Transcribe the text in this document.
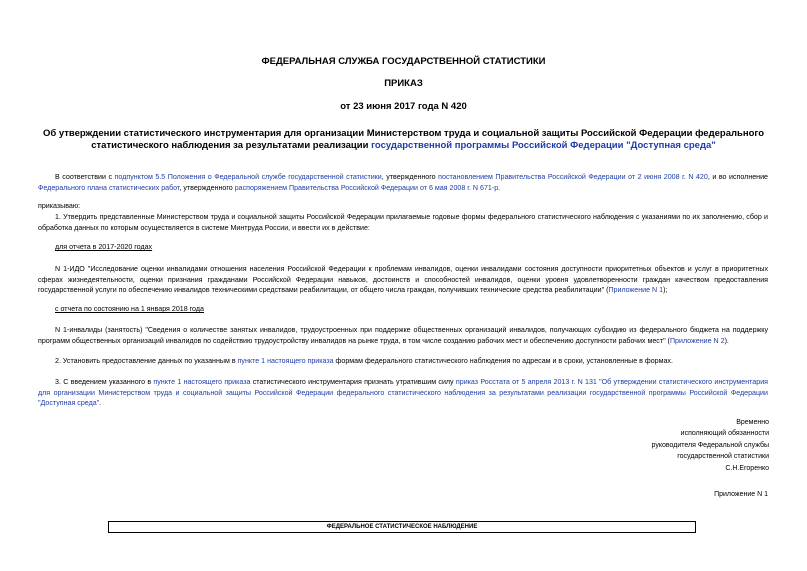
ФЕДЕРАЛЬНАЯ СЛУЖБА ГОСУДАРСТВЕННОЙ СТАТИСТИКИ
ПРИКАЗ
от 23 июня 2017 года N 420
Об утверждении статистического инструментария для организации Министерством труда и социальной защиты Российской Федерации федерального
статистического наблюдения за результатами реализации государственной программы Российской Федерации "Доступная среда"
В соответствии с подпунктом 5.5 Положения о Федеральной службе государственной статистики, утвержденного постановлением Правительства Российской Федерации от 2 июня 2008 г. N 420, и во исполнение Федерального плана статистических работ, утвержденного распоряжением Правительства Российской Федерации от 6 мая 2008 г. N 671-р.
приказываю:
1. Утвердить представленные Министерством труда и социальной защиты Российской Федерации прилагаемые годовые формы федерального статистического наблюдения с указаниями по их заполнению, сбор и обработка данных по которым осуществляется в системе Минтруда России, и ввести их в действие:
для отчета в 2017-2020 годах
N 1-ИДО "Исследование оценки инвалидами отношения населения Российской Федерации к проблемам инвалидов, оценки инвалидами состояния доступности приоритетных объектов и услуг в приоритетных сферах жизнедеятельности, оценки признания гражданами Российской Федерации навыков, достоинств и способностей инвалидов, оценки уровня удовлетворенности граждан качеством предоставления государственной услуги по обеспечению инвалидов техническими средствами реабилитации, от общего числа граждан, получивших технические средства реабилитации" (Приложение N 1);
с отчета по состоянию на 1 января 2018 года
N 1-инвалиды (занятость) "Сведения о количестве занятых инвалидов, трудоустроенных при поддержке общественных организаций инвалидов, получающих субсидию из федерального бюджета на поддержку программ общественных организаций инвалидов по содействию трудоустройству инвалидов на рынке труда, в том числе созданию рабочих мест и обеспечению доступности рабочих мест" (Приложение N 2).
2. Установить предоставление данных по указанным в пункте 1 настоящего приказа формам федерального статистического наблюдения по адресам и в сроки, установленные в формах.
3. С введением указанного в пункте 1 настоящего приказа статистического инструментария признать утратившим силу приказ Росстата от 5 апреля 2013 г. N 131 "Об утверждении статистического инструментария для организации Министерством труда и социальной защиты Российской Федерации федерального статистического наблюдения за результатами реализации государственной программы Российской Федерации "Доступная среда".
Временно
исполняющий обязанности
руководителя Федеральной службы
государственной статистики
С.Н.Егоренко
Приложение N 1
ФЕДЕРАЛЬНОЕ СТАТИСТИЧЕСКОЕ НАБЛЮДЕНИЕ
